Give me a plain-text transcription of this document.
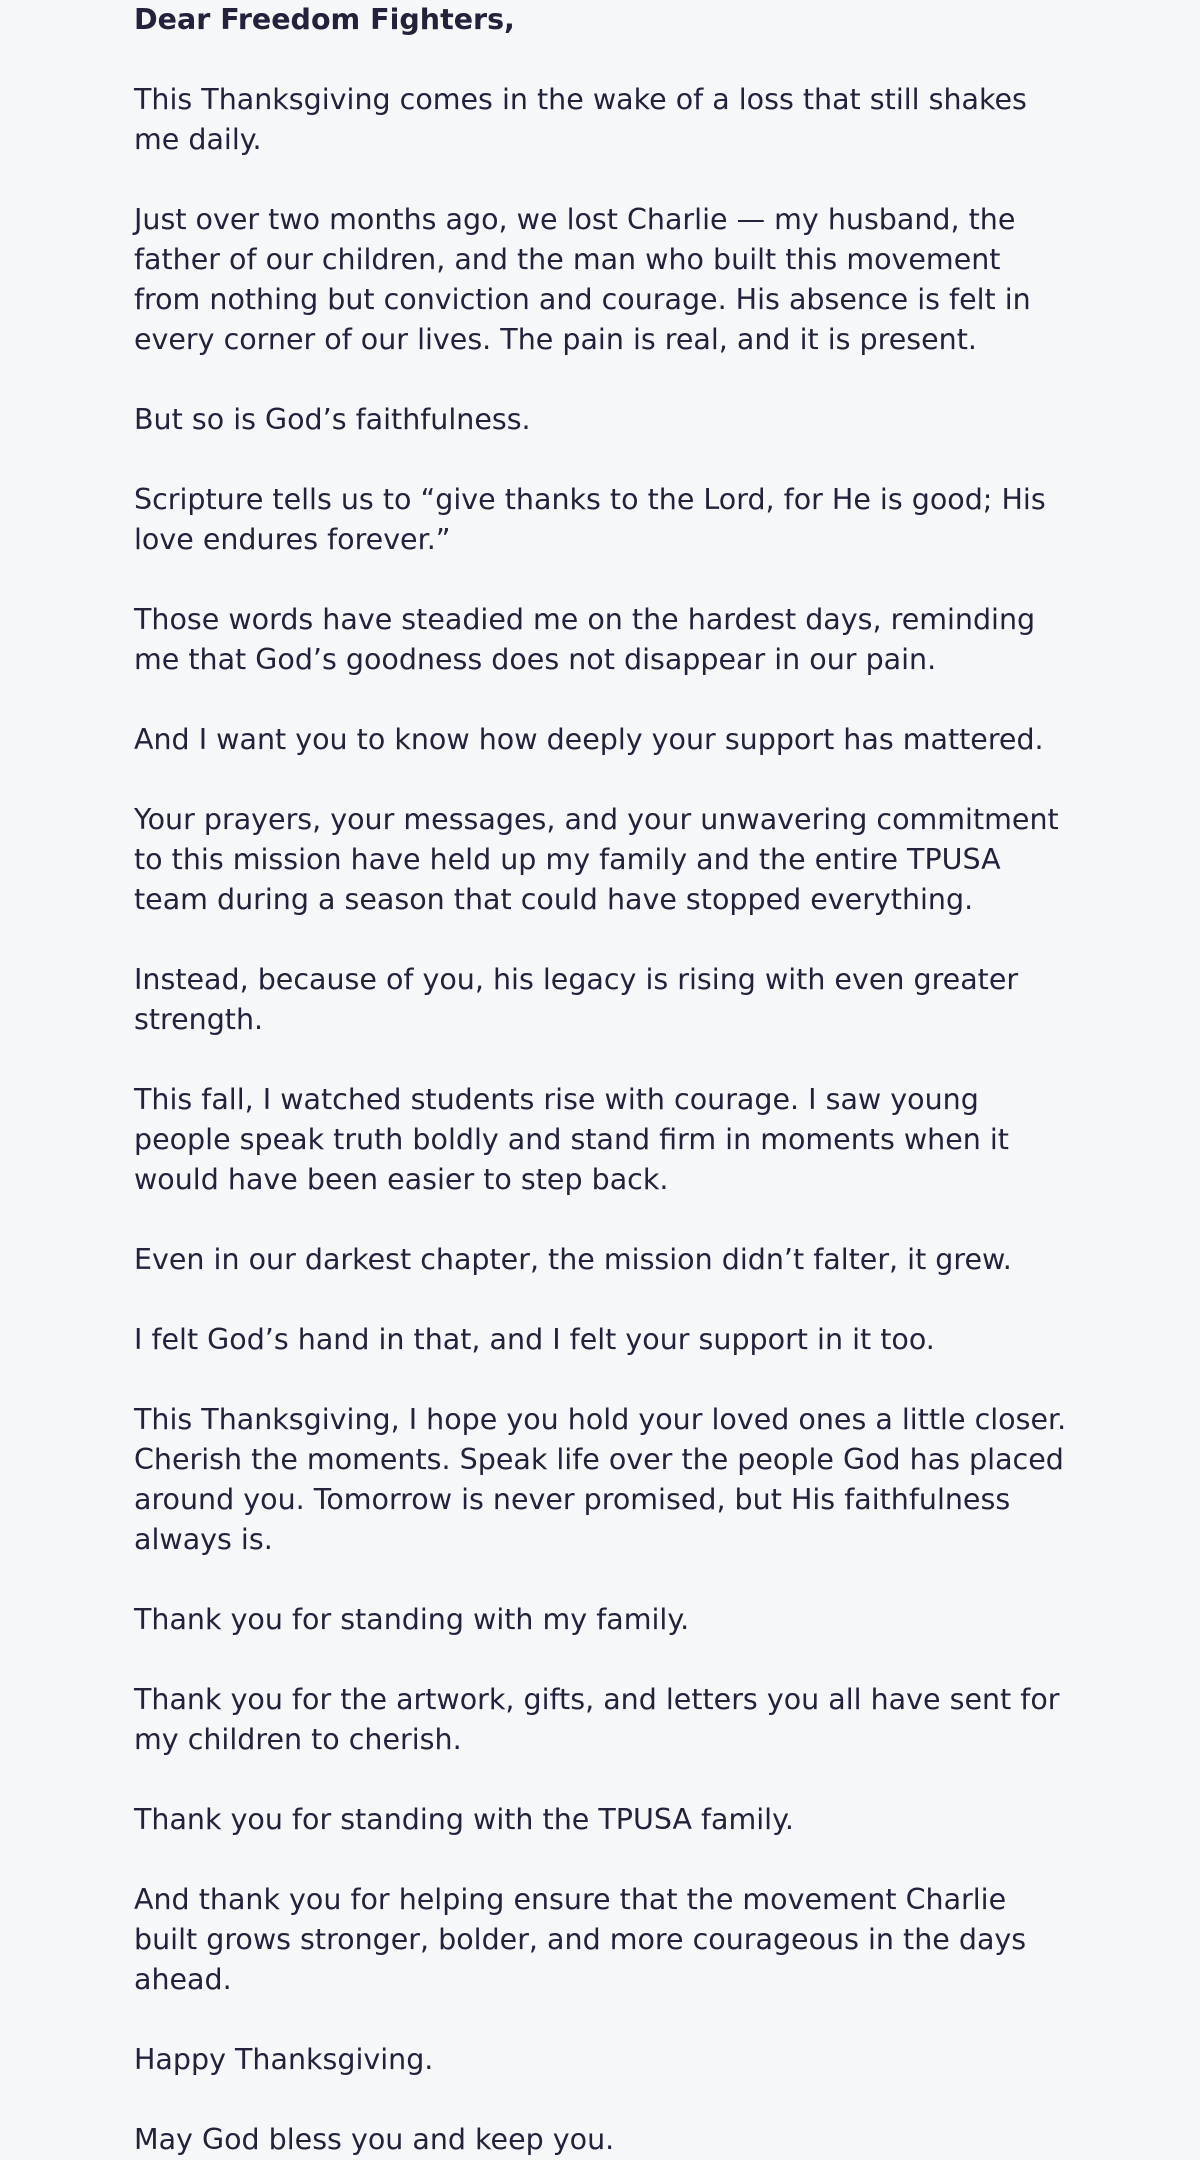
Dear Freedom Fighters,

This Thanksgiving comes in the wake of a loss that still shakes me daily.

Just over two months ago, we lost Charlie — my husband, the father of our children, and the man who built this movement from nothing but conviction and courage. His absence is felt in every corner of our lives. The pain is real, and it is present.

But so is God’s faithfulness.

Scripture tells us to “give thanks to the Lord, for He is good; His love endures forever.”

Those words have steadied me on the hardest days, reminding me that God’s goodness does not disappear in our pain.

And I want you to know how deeply your support has mattered.

Your prayers, your messages, and your unwavering commitment to this mission have held up my family and the entire TPUSA team during a season that could have stopped everything.

Instead, because of you, his legacy is rising with even greater strength.

This fall, I watched students rise with courage. I saw young people speak truth boldly and stand firm in moments when it would have been easier to step back.

Even in our darkest chapter, the mission didn’t falter, it grew.

I felt God’s hand in that, and I felt your support in it too.

This Thanksgiving, I hope you hold your loved ones a little closer. Cherish the moments. Speak life over the people God has placed around you. Tomorrow is never promised, but His faithfulness always is.

Thank you for standing with my family.

Thank you for the artwork, gifts, and letters you all have sent for my children to cherish.

Thank you for standing with the TPUSA family.

And thank you for helping ensure that the movement Charlie built grows stronger, bolder, and more courageous in the days ahead.

Happy Thanksgiving.

May God bless you and keep you.
